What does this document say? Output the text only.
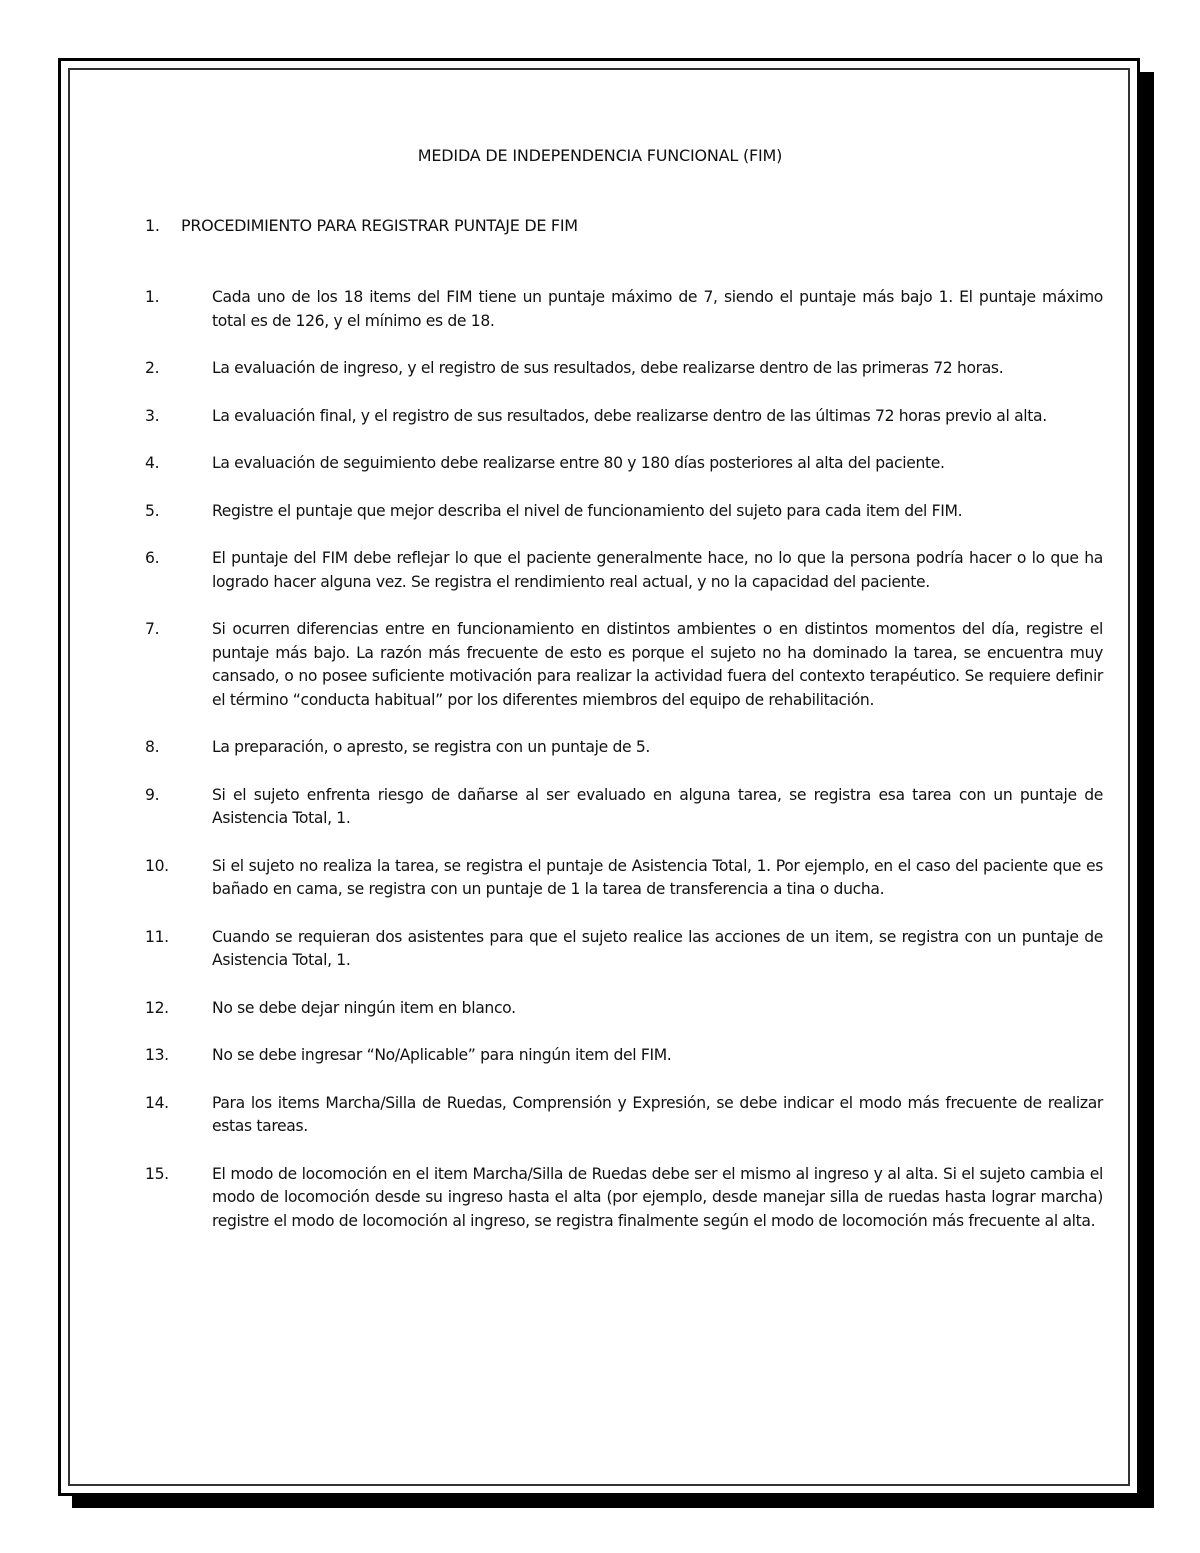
MEDIDA DE INDEPENDENCIA FUNCIONAL (FIM)
1. PROCEDIMIENTO PARA REGISTRAR PUNTAJE DE FIM
1.	Cada uno de los 18 items del FIM tiene un puntaje máximo de 7, siendo el puntaje más bajo 1. El puntaje máximo total es de 126, y el mínimo es de 18.
2.	La evaluación de ingreso, y el registro de sus resultados, debe realizarse dentro de las primeras 72 horas.
3.	La evaluación final, y el registro de sus resultados, debe realizarse dentro de las últimas 72 horas previo al alta.
4.	La evaluación de seguimiento debe realizarse entre 80 y 180 días posteriores al alta del paciente.
5.	Registre el puntaje que mejor describa el nivel de funcionamiento del sujeto para cada item del FIM.
6.	El puntaje del FIM debe reflejar lo que el paciente generalmente hace, no lo que la persona podría hacer o lo que ha logrado hacer alguna vez. Se registra el rendimiento real actual, y no la capacidad del paciente.
7.	Si ocurren diferencias entre en funcionamiento en distintos ambientes o en distintos momentos del día, registre el puntaje más bajo. La razón más frecuente de esto es porque el sujeto no ha dominado la tarea, se encuentra muy cansado, o no posee suficiente motivación para realizar la actividad fuera del contexto terapéutico. Se requiere definir el término “conducta habitual” por los diferentes miembros del equipo de rehabilitación.
8.	La preparación, o apresto, se registra con un puntaje de 5.
9.	Si el sujeto enfrenta riesgo de dañarse al ser evaluado en alguna tarea, se registra esa tarea con un puntaje de Asistencia Total, 1.
10.	Si el sujeto no realiza la tarea, se registra el puntaje de Asistencia Total, 1. Por ejemplo, en el caso del paciente que es bañado en cama, se registra con un puntaje de 1 la tarea de transferencia a tina o ducha.
11.	Cuando se requieran dos asistentes para que el sujeto realice las acciones de un item, se registra con un puntaje de Asistencia Total, 1.
12.	No se debe dejar ningún item en blanco.
13.	No se debe ingresar “No/Aplicable” para ningún item del FIM.
14.	Para los items Marcha/Silla de Ruedas, Comprensión y Expresión, se debe indicar el modo más frecuente de realizar estas tareas.
15.	El modo de locomoción en el item Marcha/Silla de Ruedas debe ser el mismo al ingreso y al alta. Si el sujeto cambia el modo de locomoción desde su ingreso hasta el alta (por ejemplo, desde manejar silla de ruedas hasta lograr marcha) registre el modo de locomoción al ingreso, se registra finalmente según el modo de locomoción más frecuente al alta.
